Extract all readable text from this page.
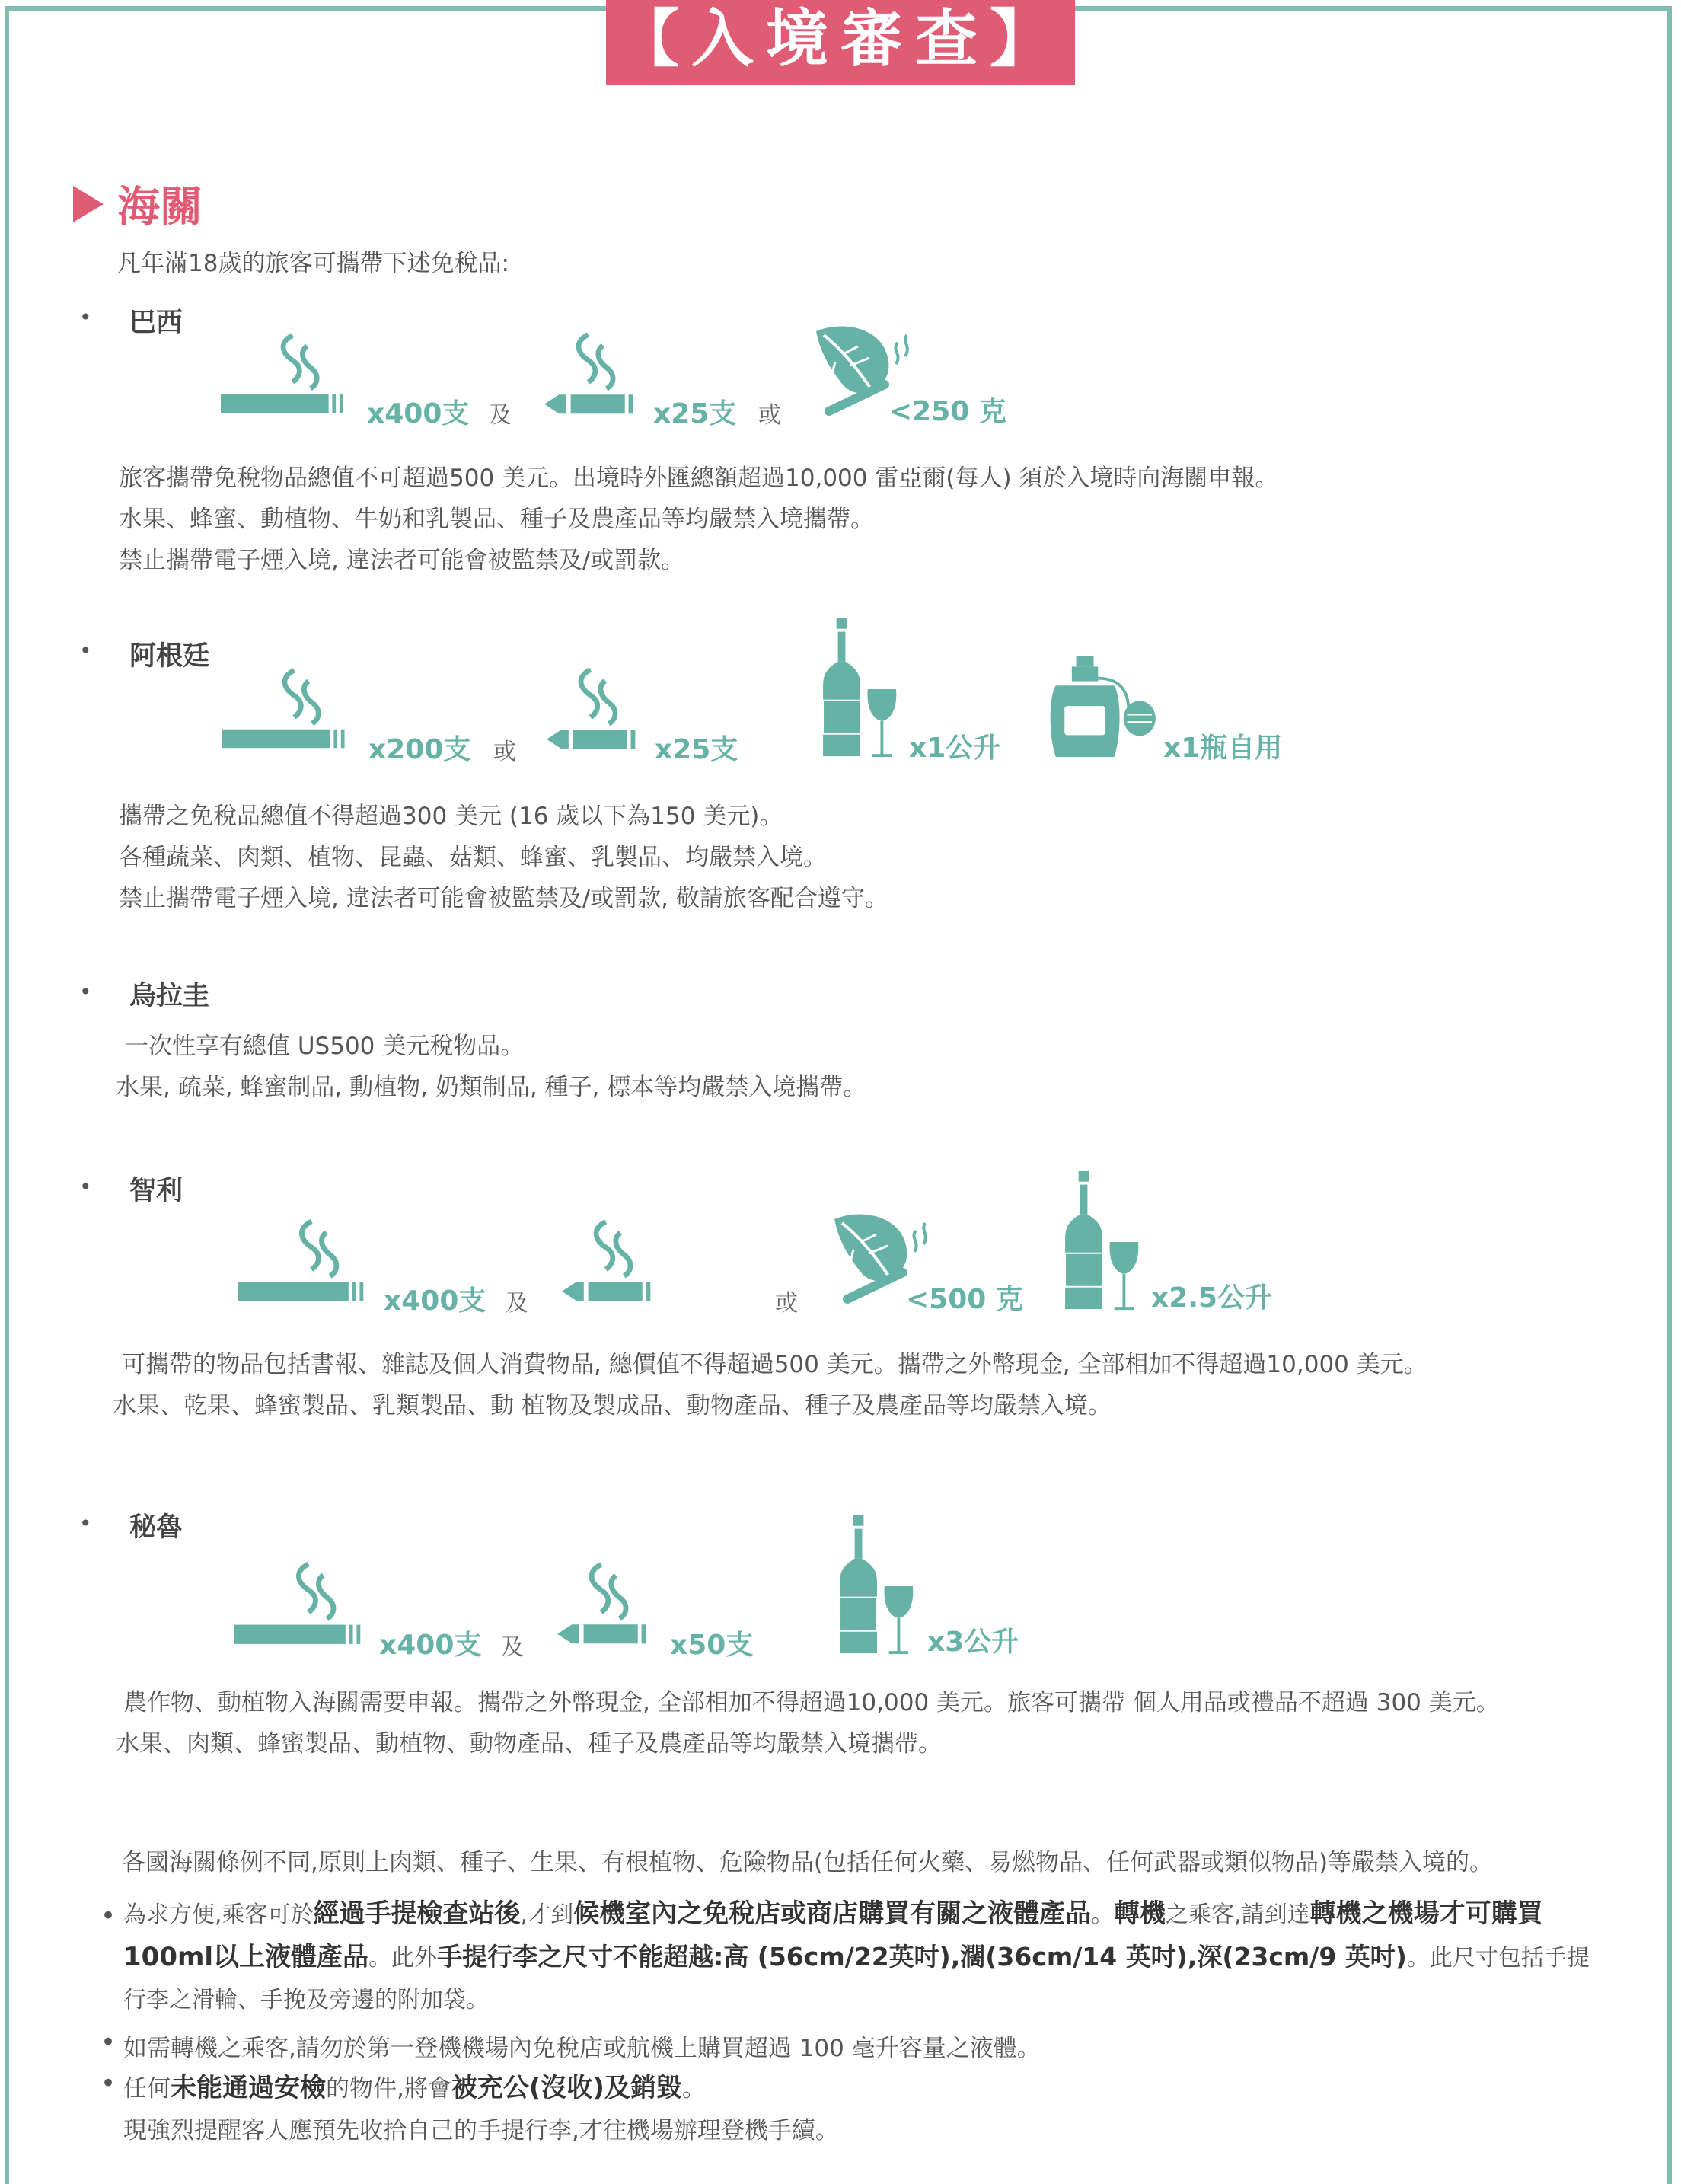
【入境審查】
海關
凡年滿18歲的旅客可攜帶下述免稅品:
• 巴西
x400支 及	x25支 或	<250 克
旅客攜帶免稅物品總值不可超過500 美元。出境時外匯總額超過10,000 雷亞爾(每人) 須於入境時向海關申報。
水果、蜂蜜、動植物、牛奶和乳製品、種子及農產品等均嚴禁入境攜帶。
禁止攜帶電子煙入境, 違法者可能會被監禁及/或罰款。
• 阿根廷
x200支 或	x25支	x1公升	x1瓶自用
攜帶之免稅品總值不得超過300 美元 (16 歲以下為150 美元)。
各種蔬菜、肉類、植物、昆蟲、菇類、蜂蜜、乳製品、均嚴禁入境。
禁止攜帶電子煙入境, 違法者可能會被監禁及/或罰款, 敬請旅客配合遵守。
• 烏拉圭
一次性享有總值 US500 美元稅物品。
水果, 疏菜, 蜂蜜制品, 動植物, 奶類制品, 種子, 標本等均嚴禁入境攜帶。
• 智利
x400支 及	或	<500 克	x2.5公升
可攜帶的物品包括書報、雜誌及個人消費物品, 總價值不得超過500 美元。攜帶之外幣現金, 全部相加不得超過10,000 美元。
水果、乾果、蜂蜜製品、乳類製品、動 植物及製成品、動物產品、種子及農產品等均嚴禁入境。
• 秘魯
x400支 及	x50支	x3公升
農作物、動植物入海關需要申報。攜帶之外幣現金, 全部相加不得超過10,000 美元。旅客可攜帶 個人用品或禮品不超過 300 美元。
水果、肉類、蜂蜜製品、動植物、動物產品、種子及農產品等均嚴禁入境攜帶。
各國海關條例不同,原則上肉類、種子、生果、有根植物、危險物品(包括任何火藥、易燃物品、任何武器或類似物品)等嚴禁入境的。
• 為求方便,乘客可於經過手提檢查站後,才到候機室內之免稅店或商店購買有關之液體產品。轉機之乘客,請到達轉機之機場才可購買
100ml以上液體產品。此外手提行李之尺寸不能超越:高 (56cm/22英吋),濶(36cm/14 英吋),深(23cm/9 英吋)。此尺寸包括手提
行李之滑輪、手挽及旁邊的附加袋。
• 如需轉機之乘客,請勿於第一登機機場內免稅店或航機上購買超過 100 毫升容量之液體。
• 任何未能通過安檢的物件,將會被充公(沒收)及銷毀。
現強烈提醒客人應預先收拾自己的手提行李,才往機場辦理登機手續。
